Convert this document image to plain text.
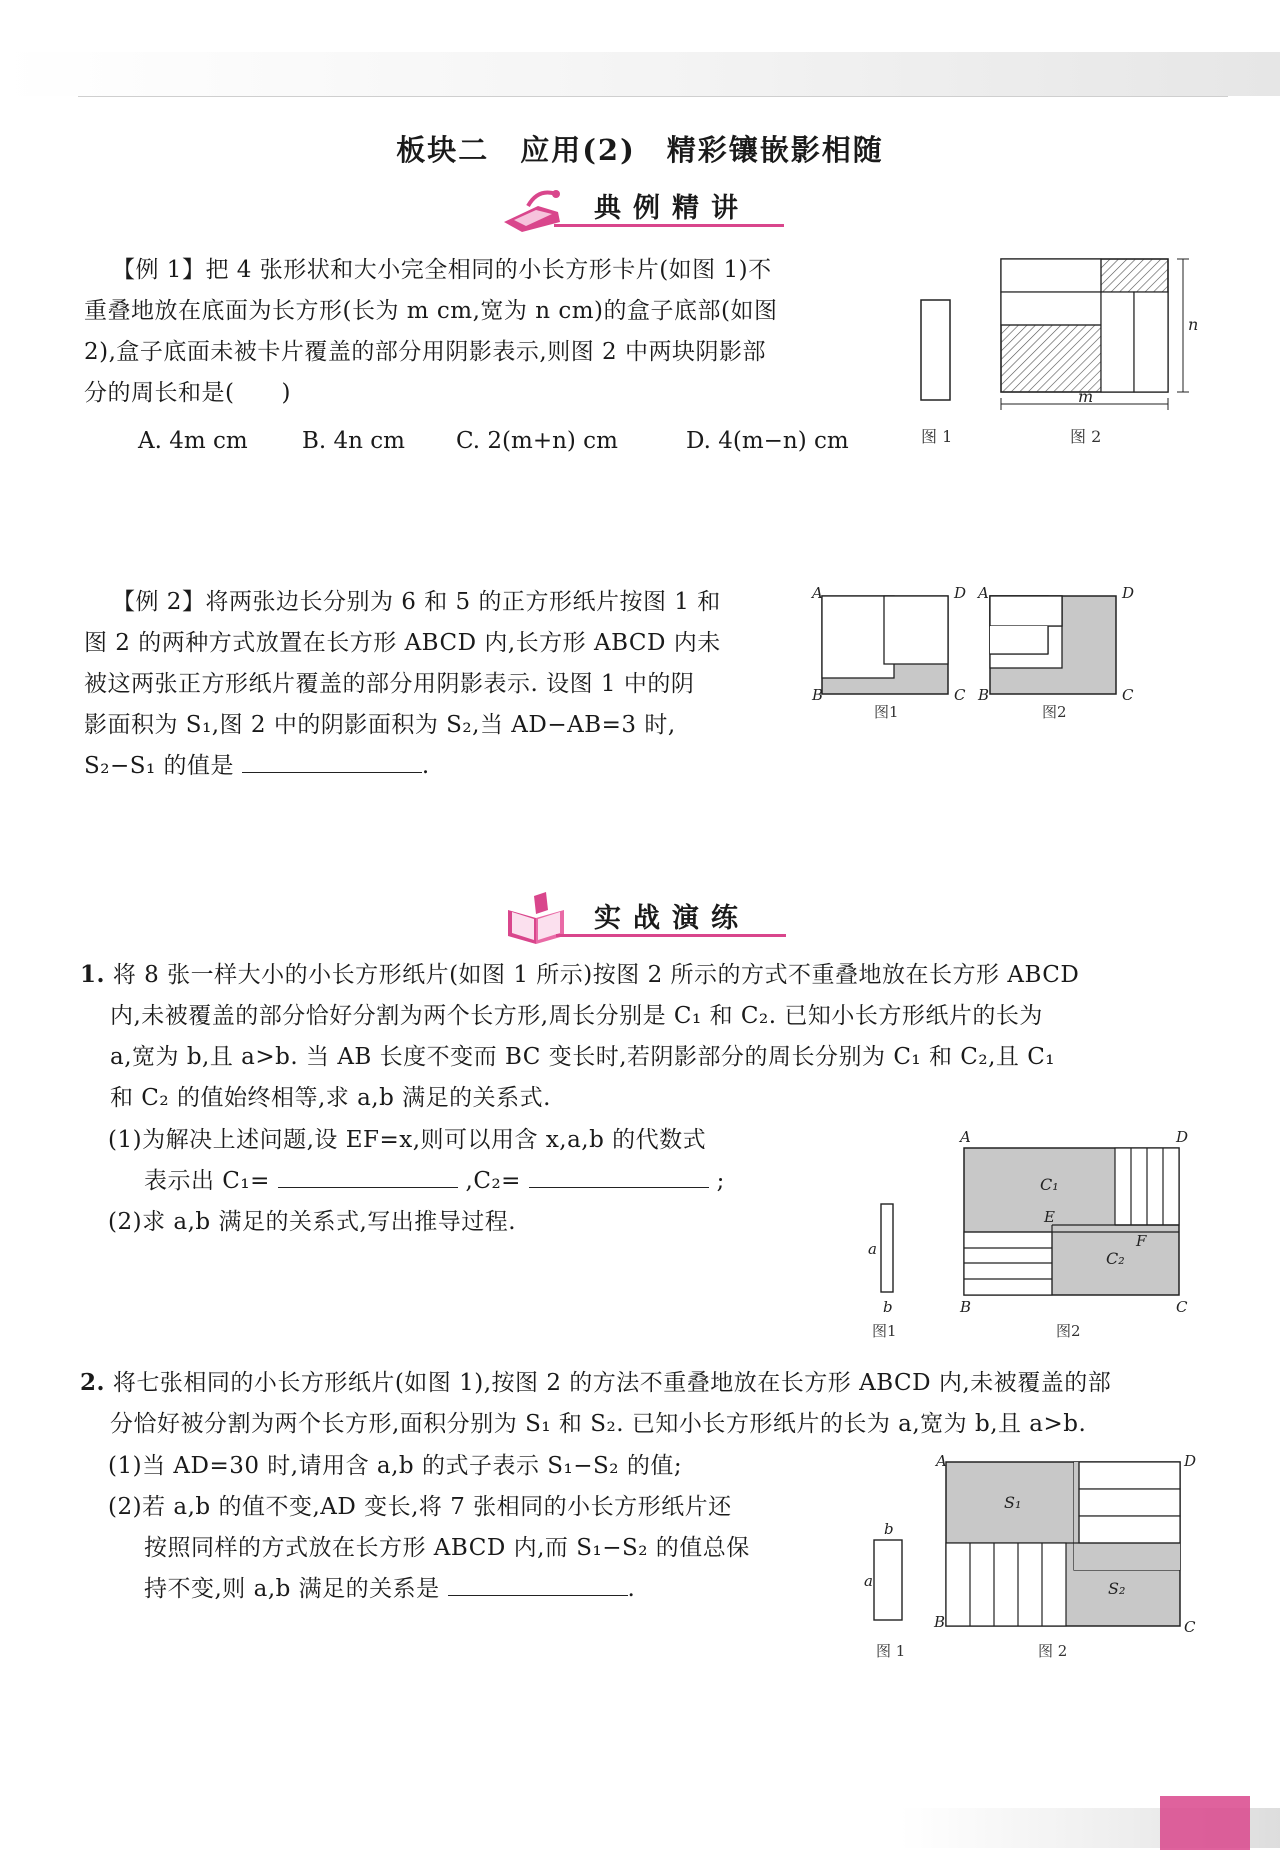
板块二　应用(2)　精彩镶嵌影相随
典例精讲
【例 1】把 4 张形状和大小完全相同的小长方形卡片(如图 1)不
重叠地放在底面为长方形(长为 m cm,宽为 n cm)的盒子底部(如图
2),盒子底面未被卡片覆盖的部分用阴影表示,则图 2 中两块阴影部
分的周长和是(　　)
A. 4m cm B. 4n cm C. 2(m+n) cm	D. 4(m−n) cm
m
n
图 1	图 2
【例 2】将两张边长分别为 6 和 5 的正方形纸片按图 1 和
图 2 的两种方式放置在长方形 ABCD 内,长方形 ABCD 内未
被这两张正方形纸片覆盖的部分用阴影表示. 设图 1 中的阴
影面积为 S₁,图 2 中的阴影面积为 S₂,当 AD−AB=3 时,
S₂−S₁ 的值是	.
A	D
B	C
A	D
B	C
图1	图2
实战演练
1. 将 8 张一样大小的小长方形纸片(如图 1 所示)按图 2 所示的方式不重叠地放在长方形 ABCD
内,未被覆盖的部分恰好分割为两个长方形,周长分别是 C₁ 和 C₂. 已知小长方形纸片的长为
a,宽为 b,且 a>b. 当 AB 长度不变而 BC 变长时,若阴影部分的周长分别为 C₁ 和 C₂,且 C₁
和 C₂ 的值始终相等,求 a,b 满足的关系式.
(1)为解决上述问题,设 EF=x,则可以用含 x,a,b 的代数式
表示出 C₁=	,C₂=	;
(2)求 a,b 满足的关系式,写出推导过程.
a
b
A	D
B	C
C₁
E
F
C₂
图1	图2
2. 将七张相同的小长方形纸片(如图 1),按图 2 的方法不重叠地放在长方形 ABCD 内,未被覆盖的部
分恰好被分割为两个长方形,面积分别为 S₁ 和 S₂. 已知小长方形纸片的长为 a,宽为 b,且 a>b.
(1)当 AD=30 时,请用含 a,b 的式子表示 S₁−S₂ 的值;
(2)若 a,b 的值不变,AD 变长,将 7 张相同的小长方形纸片还
按照同样的方式放在长方形 ABCD 内,而 S₁−S₂ 的值总保
持不变,则 a,b 满足的关系是	.
b
a
A	D
B	C
S₁
S₂
图 1	图 2
